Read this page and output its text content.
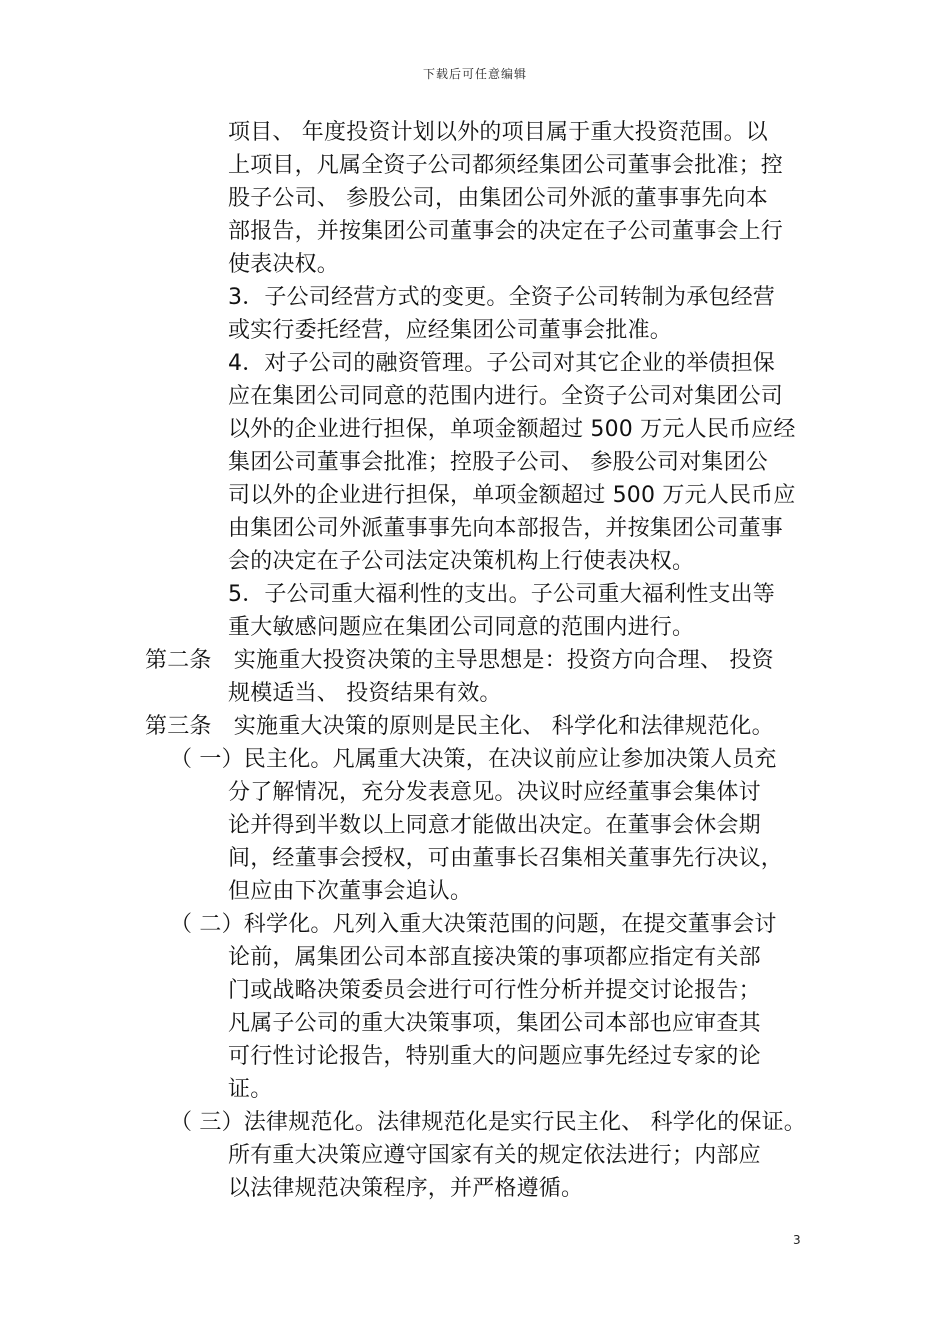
下载后可任意编辑
项目、 年度投资计划以外的项目属于重大投资范围。以
上项目，凡属全资子公司都须经集团公司董事会批准；控
股子公司、 参股公司，由集团公司外派的董事事先向本
部报告，并按集团公司董事会的决定在子公司董事会上行
使表决权。
3．子公司经营方式的变更。全资子公司转制为承包经营
或实行委托经营，应经集团公司董事会批准。
4．对子公司的融资管理。子公司对其它企业的举债担保
应在集团公司同意的范围内进行。全资子公司对集团公司
以外的企业进行担保，单项金额超过 500 万元人民币应经
集团公司董事会批准；控股子公司、 参股公司对集团公
司以外的企业进行担保，单项金额超过 500 万元人民币应
由集团公司外派董事事先向本部报告，并按集团公司董事
会的决定在子公司法定决策机构上行使表决权。
5．子公司重大福利性的支出。子公司重大福利性支出等
重大敏感问题应在集团公司同意的范围内进行。
第二条　实施重大投资决策的主导思想是：投资方向合理、 投资
规模适当、 投资结果有效。
第三条　实施重大决策的原则是民主化、 科学化和法律规范化。
（ 一）民主化。凡属重大决策，在决议前应让参加决策人员充
分了解情况，充分发表意见。决议时应经董事会集体讨
论并得到半数以上同意才能做出决定。在董事会休会期
间，经董事会授权，可由董事长召集相关董事先行决议，
但应由下次董事会追认。
（ 二）科学化。凡列入重大决策范围的问题，在提交董事会讨
论前，属集团公司本部直接决策的事项都应指定有关部
门或战略决策委员会进行可行性分析并提交讨论报告；
凡属子公司的重大决策事项，集团公司本部也应审查其
可行性讨论报告，特别重大的问题应事先经过专家的论
证。
（ 三）法律规范化。法律规范化是实行民主化、 科学化的保证。
所有重大决策应遵守国家有关的规定依法进行；内部应
以法律规范决策程序，并严格遵循。
3
